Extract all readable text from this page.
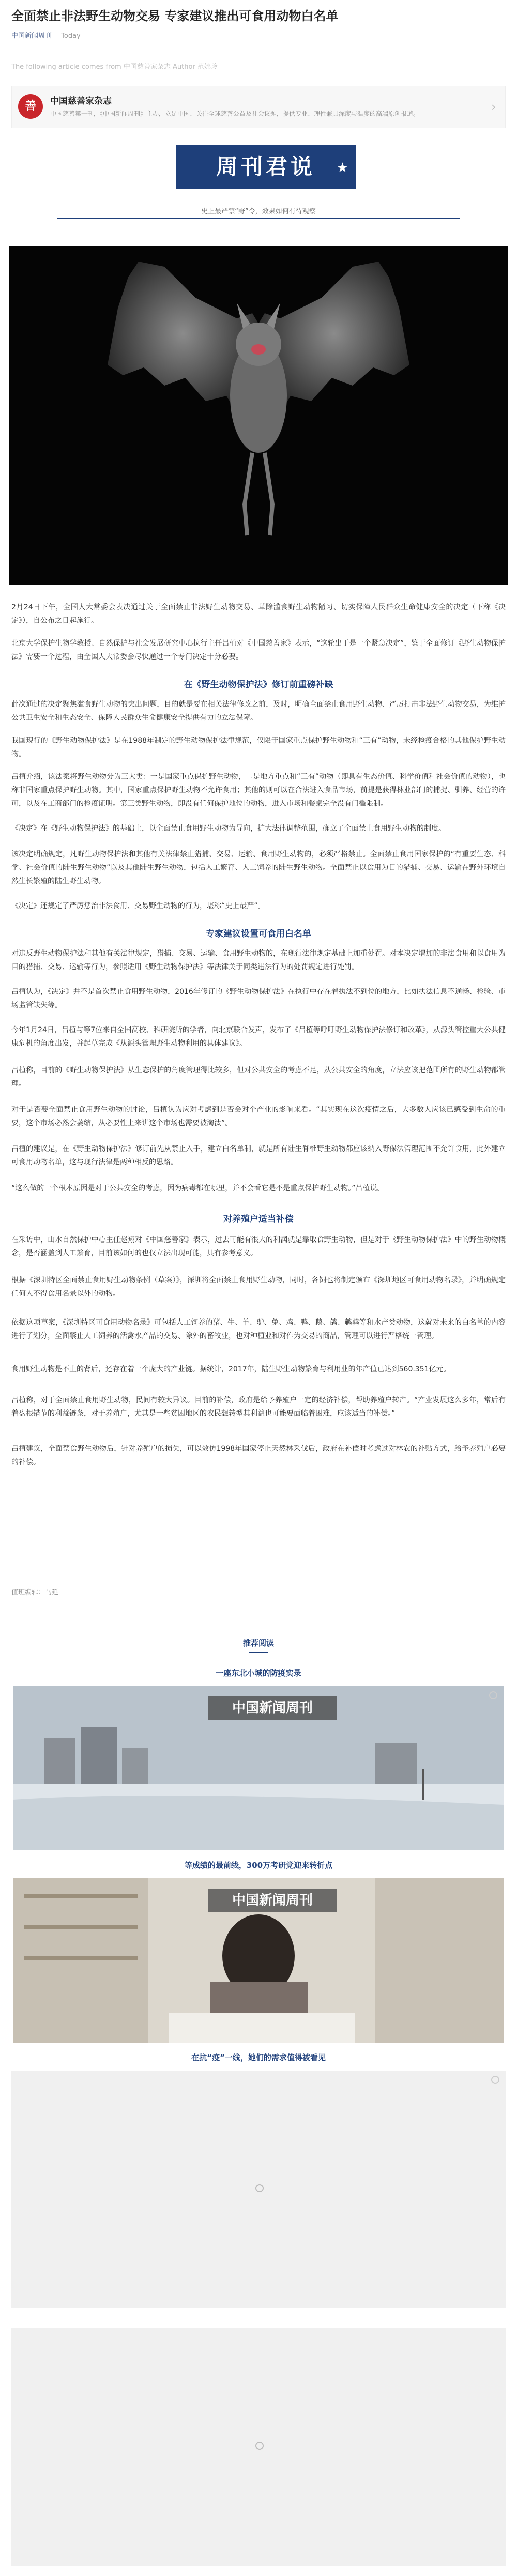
全面禁止非法野生动物交易 专家建议推出可食用动物白名单
中国新闻周刊 Today
The following article comes from 中国慈善家杂志 Author 范娜玲
善	中国慈善家杂志
中国慈善第一刊，《中国新闻周刊》主办，立足中国、关注全球慈善公益及社会议题，提供专业、理性兼具深度与温度的高端原创报道。	›
周刊君说 ★
史上最严禁“野”令，效果如何有待观察
2月24日下午，全国人大常委会表决通过关于全面禁止非法野生动物交易、革除滥食野生动物陋习、切实保障人民群众生命健康安全的决定（下称《决定》），自公布之日起施行。
北京大学保护生物学教授、自然保护与社会发展研究中心执行主任吕植对《中国慈善家》表示，“这轮出于是一个紧急决定”，鉴于全面修订《野生动物保护法》需要一个过程，由全国人大常委会尽快通过一个专门决定十分必要。
在《野生动物保护法》修订前重磅补缺
此次通过的决定聚焦滥食野生动物的突出问题，目的就是要在相关法律修改之前，及时，明确全面禁止食用野生动物、严厉打击非法野生动物交易，为维护公共卫生安全和生态安全、保障人民群众生命健康安全提供有力的立法保障。
我国现行的《野生动物保护法》是在1988年制定的野生动物保护法律规范，仅限于国家重点保护野生动物和“三有”动物，未经检疫合格的其他保护野生动物。
吕植介绍，该法案将野生动物分为三大类：一是国家重点保护野生动物，二是地方重点和“三有”动物（即具有生态价值、科学价值和社会价值的动物），也称非国家重点保护野生动物。其中，国家重点保护野生动物不允许食用；其他的则可以在合法进入食品市场，前提是获得林业部门的捕捉、驯养、经营的许可，以及在工商部门的检疫证明。第三类野生动物，即没有任何保护地位的动物，进入市场和餐桌完全没有门槛限制。
《决定》在《野生动物保护法》的基础上，以全面禁止食用野生动物为导向，扩大法律调整范围，确立了全面禁止食用野生动物的制度。
该决定明确规定，凡野生动物保护法和其他有关法律禁止猎捕、交易、运输、食用野生动物的，必须严格禁止。全面禁止食用国家保护的“有重要生态、科学、社会价值的陆生野生动物”以及其他陆生野生动物，包括人工繁育、人工饲养的陆生野生动物。全面禁止以食用为目的猎捕、交易、运输在野外环境自然生长繁殖的陆生野生动物。
《决定》还规定了严厉惩治非法食用、交易野生动物的行为，堪称“史上最严”。
专家建议设置可食用白名单
对违反野生动物保护法和其他有关法律规定，猎捕、交易、运输、食用野生动物的，在现行法律规定基础上加重处罚。对本决定增加的非法食用和以食用为目的猎捕、交易、运输等行为，参照适用《野生动物保护法》等法律关于同类违法行为的处罚规定进行处罚。
吕植认为，《决定》并不是首次禁止食用野生动物，2016年修订的《野生动物保护法》在执行中存在着执法不到位的地方，比如执法信息不通畅、检验、市场监管缺失等。
今年1月24日，吕植与等7位来自全国高校、科研院所的学者，向北京联合发声，发布了《吕植等呼吁野生动物保护法修订和改革》，从源头管控重大公共健康危机的角度出发，并起草完成《从源头管理野生动物利用的具体建议》。
吕植称，目前的《野生动物保护法》从生态保护的角度管理得比较多，但对公共安全的考虑不足，从公共安全的角度，立法应该把范围所有的野生动物都管理。
对于是否要全面禁止食用野生动物的讨论，吕植认为应对考虑到是否会对个产业的影响来看。“其实现在这次疫情之后，大多数人应该已感受到生命的重要，这个市场必然会萎缩，从必要性上来讲这个市场也需要被淘汰”。
吕植的建议是，在《野生动物保护法》修订前先从禁止入手，建立白名单制，就是所有陆生脊椎野生动物都应该纳入野保法管理范围不允许食用，此外建立可食用动物名单，这与现行法律是两种相反的思路。
“这么做的一个根本原因是对于公共安全的考虑，因为病毒都在哪里，并不会看它是不是重点保护野生动物。”吕植说。
对养殖户适当补偿
在采访中，山水自然保护中心主任赵翔对《中国慈善家》表示，过去可能有很大的利润就是靠取食野生动物，但是对于《野生动物保护法》中的野生动物概念，是否涵盖到人工繁育，目前该如何的也仅立法出现可能，具有参考意义。
根据《深圳特区全面禁止食用野生动物条例（草案）》，深圳将全面禁止食用野生动物，同时，各饲也将制定颁布《深圳地区可食用动物名录》，并明确规定任何人不得食用名录以外的动物。
依据这项草案，《深圳特区可食用动物名录》可包括人工饲养的猪、牛、羊、驴、兔、鸡、鸭、鹅、鸽、鹌鹑等和水产类动物，这就对未来的白名单的内容进行了划分，全面禁止人工饲养的活禽水产品的交易、除外的畜牧业，也对种植业和对作为交易的商品，管理可以进行严格统一管理。
食用野生动物是不止的背后，还存在着一个庞大的产业链。据统计，2017年，陆生野生动物繁育与利用业的年产值已达到560.351亿元。
吕植称，对于全面禁止食用野生动物，民间有较大异议。目前的补偿，政府是给予养殖户一定的经济补偿，帮助养殖户转产。“产业发展这么多年，常后有着盘根错节的利益链条，对于养殖户，尤其是一些贫困地区的农民想转型其利益也可能要面临着困难，应该适当的补偿。”
吕植建议，全面禁食野生动物后，针对养殖户的损失，可以效仿1998年国家停止天然林采伐后，政府在补偿时考虑过对林农的补贴方式，给予养殖户必要的补偿。
值班编辑：马延
推荐阅读
一座东北小城的防疫实录
中国新闻周刊
等成绩的最前线，300万考研党迎来转折点
中国新闻周刊
在抗“疫”一线，她们的需求值得被看见
